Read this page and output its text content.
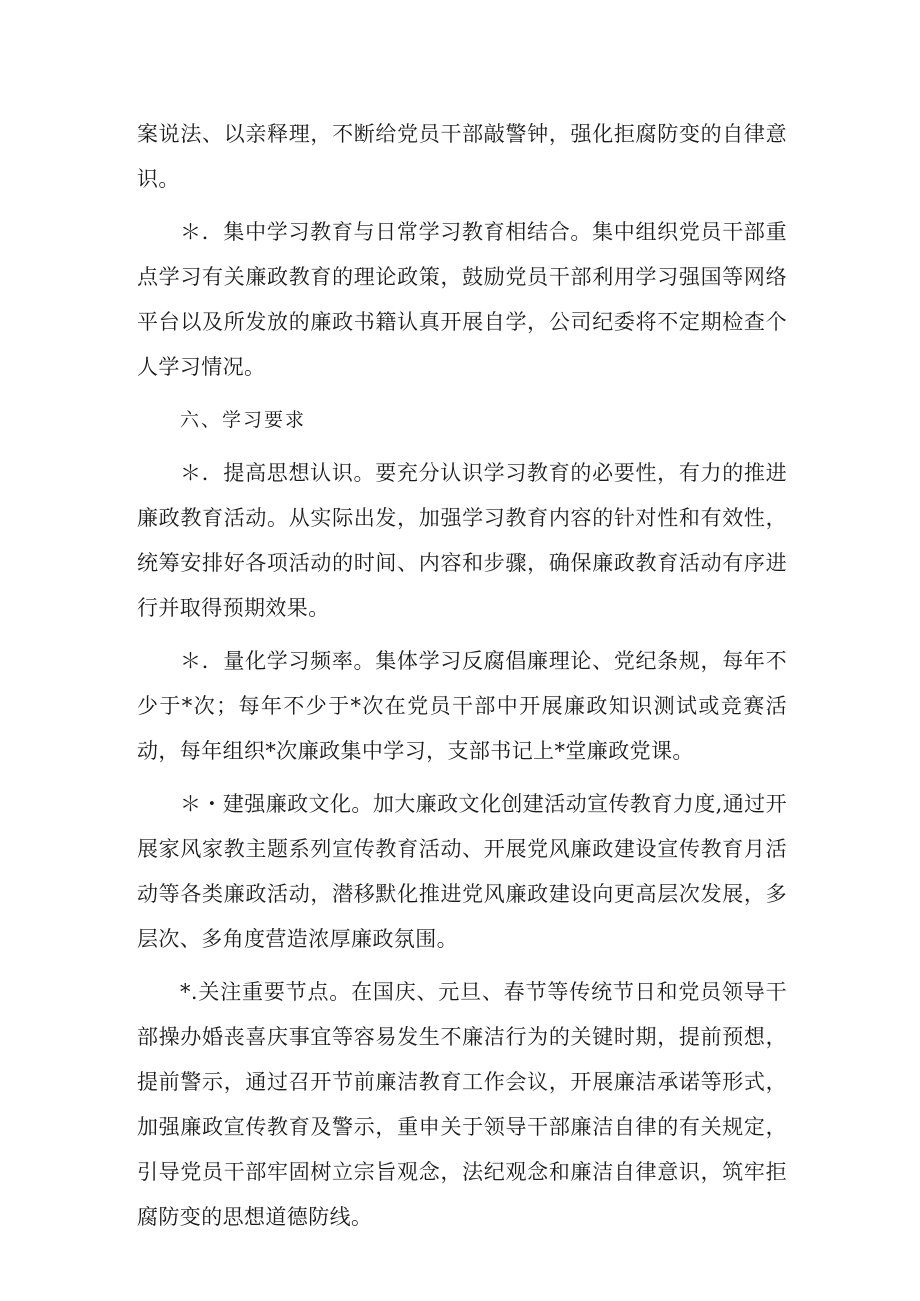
案说法、以亲释理，不断给党员干部敲警钟，强化拒腐防变的自律意识。

＊．集中学习教育与日常学习教育相结合。集中组织党员干部重点学习有关廉政教育的理论政策，鼓励党员干部利用学习强国等网络平台以及所发放的廉政书籍认真开展自学，公司纪委将不定期检查个人学习情况。

六、学习要求

＊．提高思想认识。要充分认识学习教育的必要性，有力的推进廉政教育活动。从实际出发，加强学习教育内容的针对性和有效性，统筹安排好各项活动的时间、内容和步骤，确保廉政教育活动有序进行并取得预期效果。

＊．量化学习频率。集体学习反腐倡廉理论、党纪条规，每年不少于*次；每年不少于*次在党员干部中开展廉政知识测试或竞赛活动，每年组织*次廉政集中学习，支部书记上*堂廉政党课。

＊・建强廉政文化。加大廉政文化创建活动宣传教育力度,通过开展家风家教主题系列宣传教育活动、开展党风廉政建设宣传教育月活动等各类廉政活动，潜移默化推进党风廉政建设向更高层次发展，多层次、多角度营造浓厚廉政氛围。

*.关注重要节点。在国庆、元旦、春节等传统节日和党员领导干部操办婚丧喜庆事宜等容易发生不廉洁行为的关键时期，提前预想，提前警示，通过召开节前廉洁教育工作会议，开展廉洁承诺等形式，加强廉政宣传教育及警示，重申关于领导干部廉洁自律的有关规定，引导党员干部牢固树立宗旨观念，法纪观念和廉洁自律意识，筑牢拒腐防变的思想道德防线。
